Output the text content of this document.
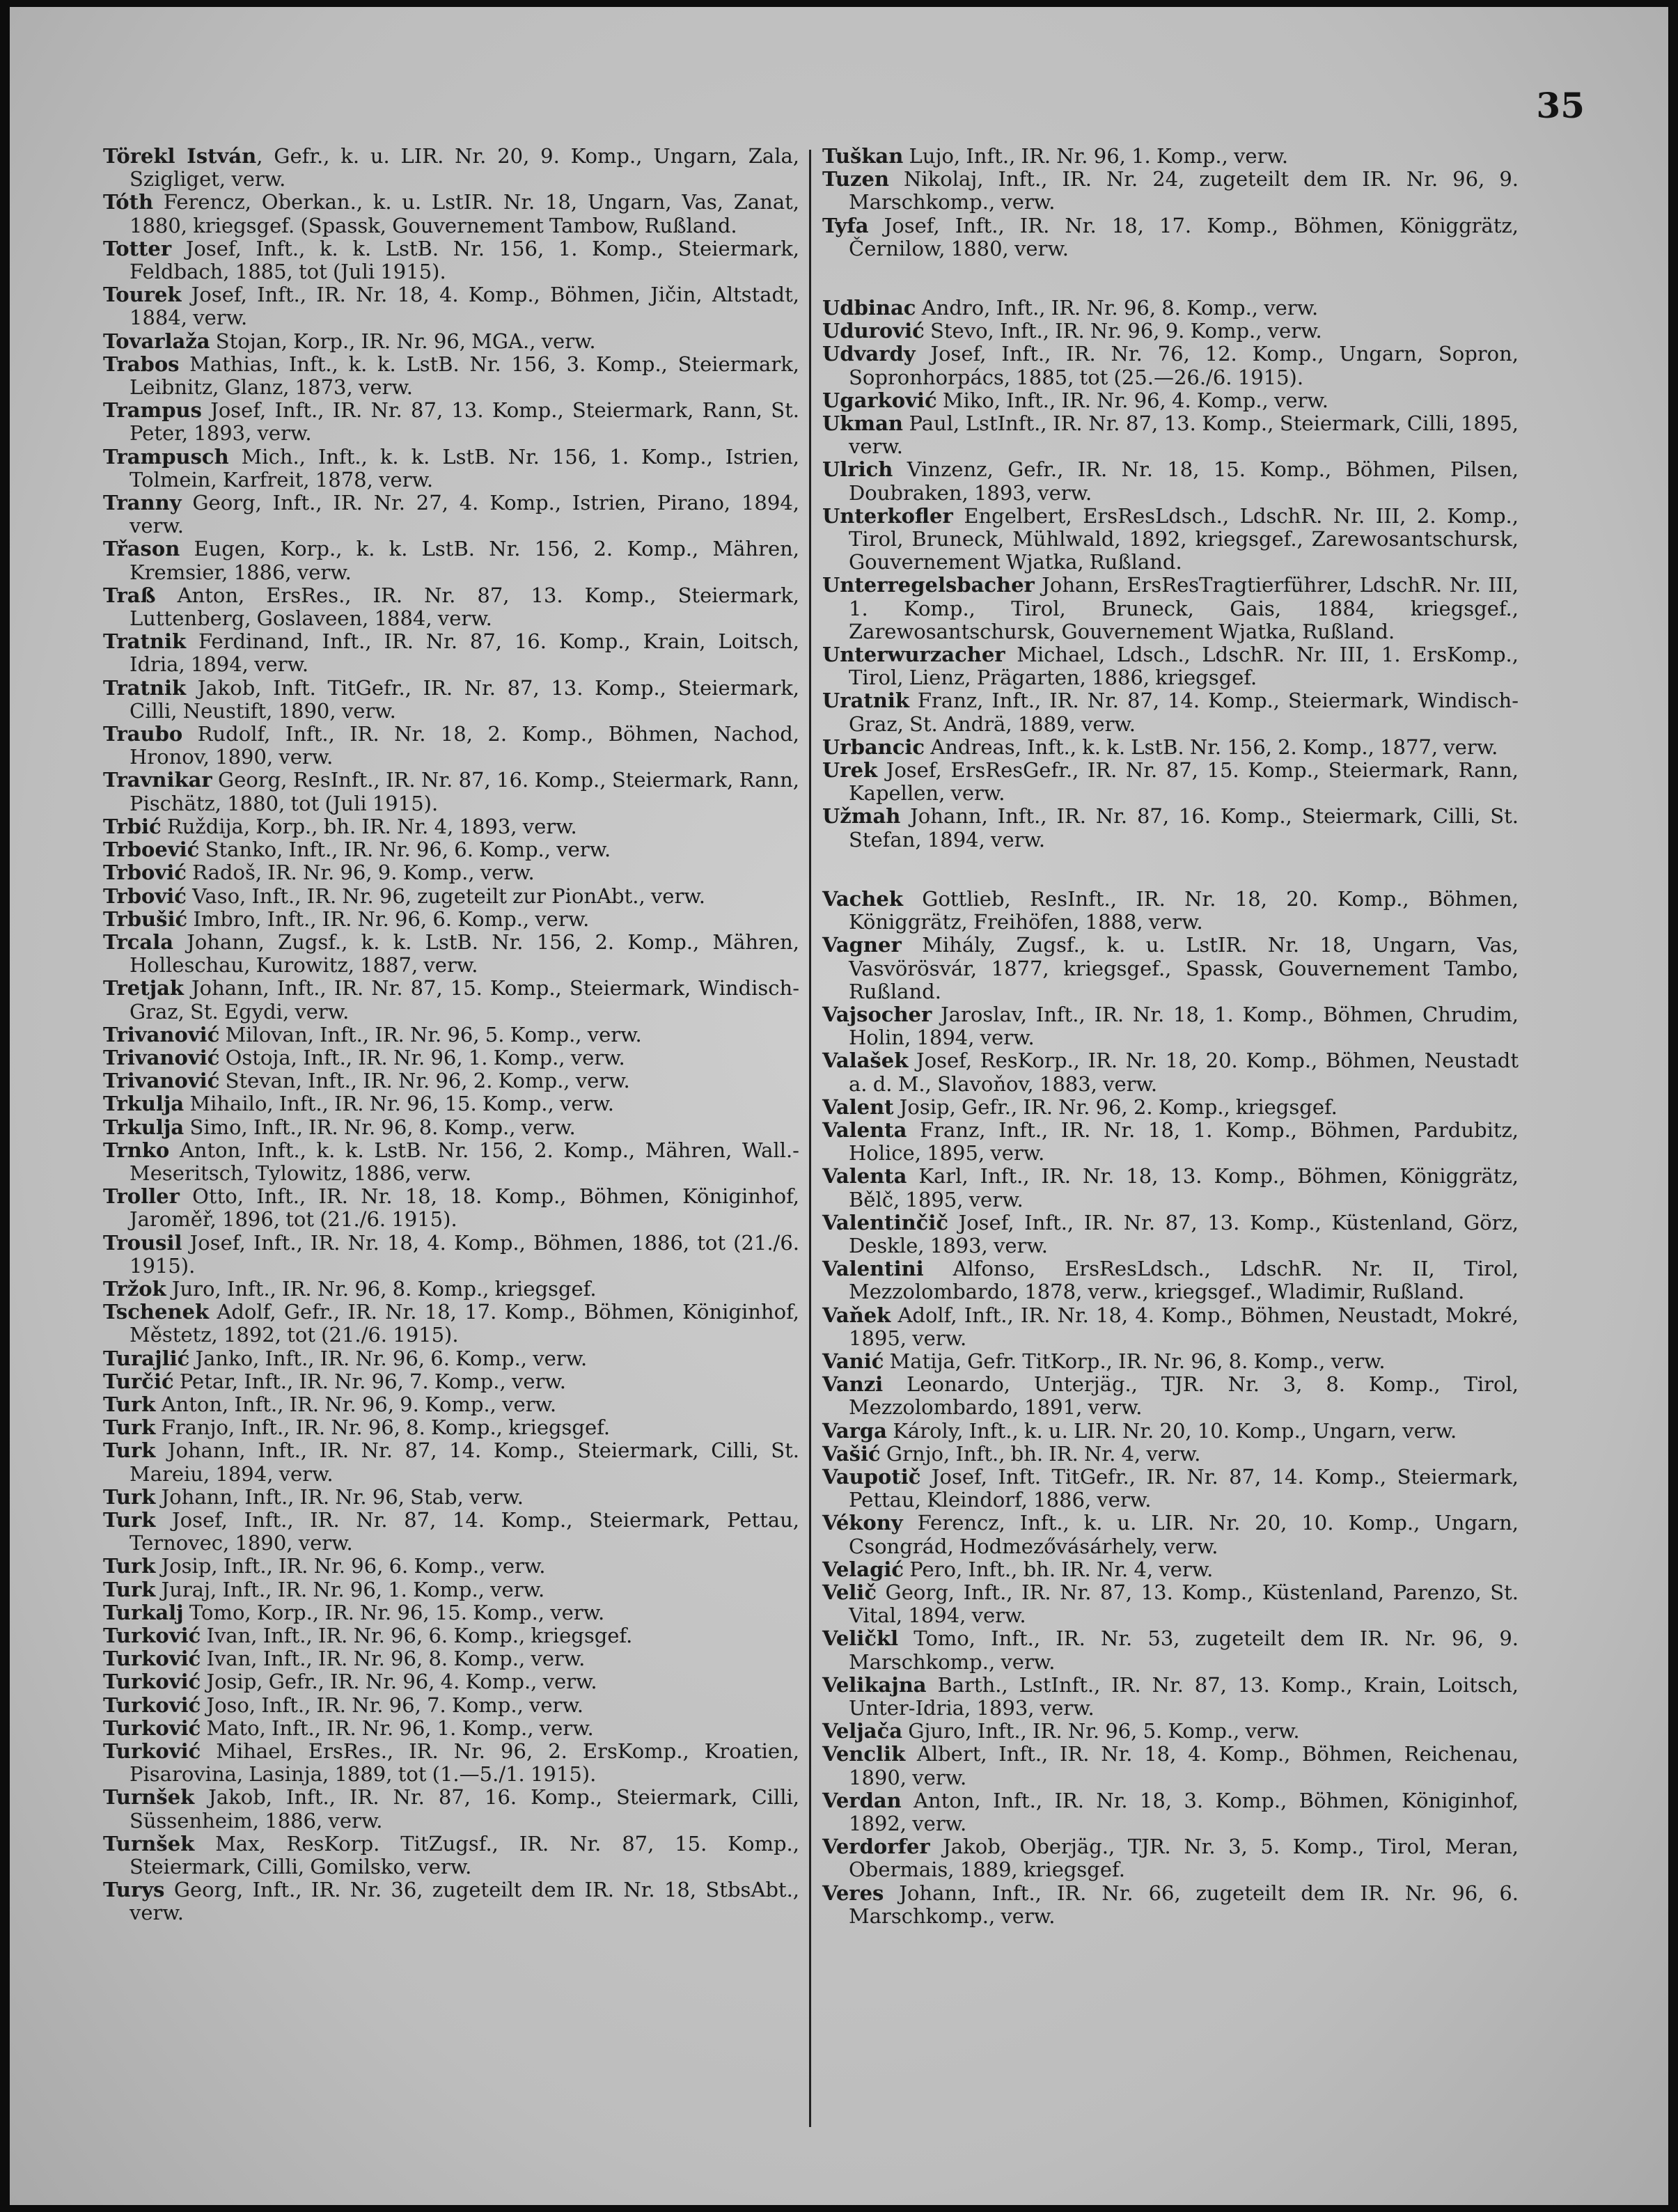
35

Törekl István, Gefr., k. u. LIR. Nr. 20, 9. Komp., Ungarn, Zala, Szigliget, verw.

Tóth Ferencz, Oberkan., k. u. LstIR. Nr. 18, Ungarn, Vas, Zanat, 1880, kriegsgef. (Spassk, Gouvernement Tambow, Rußland.

Totter Josef, Inft., k. k. LstB. Nr. 156, 1. Komp., Steiermark, Feldbach, 1885, tot (Juli 1915).

Tourek Josef, Inft., IR. Nr. 18, 4. Komp., Böhmen, Jičin, Altstadt, 1884, verw.

Tovarlaža Stojan, Korp., IR. Nr. 96, MGA., verw.

Trabos Mathias, Inft., k. k. LstB. Nr. 156, 3. Komp., Steiermark, Leibnitz, Glanz, 1873, verw.

Trampus Josef, Inft., IR. Nr. 87, 13. Komp., Steiermark, Rann, St. Peter, 1893, verw.

Trampusch Mich., Inft., k. k. LstB. Nr. 156, 1. Komp., Istrien, Tolmein, Karfreit, 1878, verw.

Tranny Georg, Inft., IR. Nr. 27, 4. Komp., Istrien, Pirano, 1894, verw.

Třason Eugen, Korp., k. k. LstB. Nr. 156, 2. Komp., Mähren, Kremsier, 1886, verw.

Traß Anton, ErsRes., IR. Nr. 87, 13. Komp., Steiermark, Luttenberg, Goslaveen, 1884, verw.

Tratnik Ferdinand, Inft., IR. Nr. 87, 16. Komp., Krain, Loitsch, Idria, 1894, verw.

Tratnik Jakob, Inft. TitGefr., IR. Nr. 87, 13. Komp., Steiermark, Cilli, Neustift, 1890, verw.

Traubo Rudolf, Inft., IR. Nr. 18, 2. Komp., Böhmen, Nachod, Hronov, 1890, verw.

Travnikar Georg, ResInft., IR. Nr. 87, 16. Komp., Steiermark, Rann, Pischätz, 1880, tot (Juli 1915).

Trbić Ruždija, Korp., bh. IR. Nr. 4, 1893, verw.

Trboević Stanko, Inft., IR. Nr. 96, 6. Komp., verw.

Trbović Radoš, IR. Nr. 96, 9. Komp., verw.

Trbović Vaso, Inft., IR. Nr. 96, zugeteilt zur PionAbt., verw.

Trbušić Imbro, Inft., IR. Nr. 96, 6. Komp., verw.

Trcala Johann, Zugsf., k. k. LstB. Nr. 156, 2. Komp., Mähren, Holleschau, Kurowitz, 1887, verw.

Tretjak Johann, Inft., IR. Nr. 87, 15. Komp., Steiermark, Windisch-Graz, St. Egydi, verw.

Trivanović Milovan, Inft., IR. Nr. 96, 5. Komp., verw.

Trivanović Ostoja, Inft., IR. Nr. 96, 1. Komp., verw.

Trivanović Stevan, Inft., IR. Nr. 96, 2. Komp., verw.

Trkulja Mihailo, Inft., IR. Nr. 96, 15. Komp., verw.

Trkulja Simo, Inft., IR. Nr. 96, 8. Komp., verw.

Trnko Anton, Inft., k. k. LstB. Nr. 156, 2. Komp., Mähren, Wall.-Meseritsch, Tylowitz, 1886, verw.

Troller Otto, Inft., IR. Nr. 18, 18. Komp., Böhmen, Königinhof, Jaroměř, 1896, tot (21./6. 1915).

Trousil Josef, Inft., IR. Nr. 18, 4. Komp., Böhmen, 1886, tot (21./6. 1915).

Tržok Juro, Inft., IR. Nr. 96, 8. Komp., kriegsgef.

Tschenek Adolf, Gefr., IR. Nr. 18, 17. Komp., Böhmen, Königinhof, Městetz, 1892, tot (21./6. 1915).

Turajlić Janko, Inft., IR. Nr. 96, 6. Komp., verw.

Turčić Petar, Inft., IR. Nr. 96, 7. Komp., verw.

Turk Anton, Inft., IR. Nr. 96, 9. Komp., verw.

Turk Franjo, Inft., IR. Nr. 96, 8. Komp., kriegsgef.

Turk Johann, Inft., IR. Nr. 87, 14. Komp., Steiermark, Cilli, St. Mareiu, 1894, verw.

Turk Johann, Inft., IR. Nr. 96, Stab, verw.

Turk Josef, Inft., IR. Nr. 87, 14. Komp., Steiermark, Pettau, Ternovec, 1890, verw.

Turk Josip, Inft., IR. Nr. 96, 6. Komp., verw.

Turk Juraj, Inft., IR. Nr. 96, 1. Komp., verw.

Turkalj Tomo, Korp., IR. Nr. 96, 15. Komp., verw.

Turković Ivan, Inft., IR. Nr. 96, 6. Komp., kriegsgef.

Turković Ivan, Inft., IR. Nr. 96, 8. Komp., verw.

Turković Josip, Gefr., IR. Nr. 96, 4. Komp., verw.

Turković Joso, Inft., IR. Nr. 96, 7. Komp., verw.

Turković Mato, Inft., IR. Nr. 96, 1. Komp., verw.

Turković Mihael, ErsRes., IR. Nr. 96, 2. ErsKomp., Kroatien, Pisarovina, Lasinja, 1889, tot (1.—5./1. 1915).

Turnšek Jakob, Inft., IR. Nr. 87, 16. Komp., Steiermark, Cilli, Süssenheim, 1886, verw.

Turnšek Max, ResKorp. TitZugsf., IR. Nr. 87, 15. Komp., Steiermark, Cilli, Gomilsko, verw.

Turys Georg, Inft., IR. Nr. 36, zugeteilt dem IR. Nr. 18, StbsAbt., verw.

Tuškan Lujo, Inft., IR. Nr. 96, 1. Komp., verw.

Tuzen Nikolaj, Inft., IR. Nr. 24, zugeteilt dem IR. Nr. 96, 9. Marschkomp., verw.

Tyfa Josef, Inft., IR. Nr. 18, 17. Komp., Böhmen, Königgrätz, Černilow, 1880, verw.

Udbinac Andro, Inft., IR. Nr. 96, 8. Komp., verw.

Udurović Stevo, Inft., IR. Nr. 96, 9. Komp., verw.

Udvardy Josef, Inft., IR. Nr. 76, 12. Komp., Ungarn, Sopron, Sopronhorpács, 1885, tot (25.—26./6. 1915).

Ugarković Miko, Inft., IR. Nr. 96, 4. Komp., verw.

Ukman Paul, LstInft., IR. Nr. 87, 13. Komp., Steiermark, Cilli, 1895, verw.

Ulrich Vinzenz, Gefr., IR. Nr. 18, 15. Komp., Böhmen, Pilsen, Doubraken, 1893, verw.

Unterkofler Engelbert, ErsResLdsch., LdschR. Nr. III, 2. Komp., Tirol, Bruneck, Mühlwald, 1892, kriegsgef., Zarewosantschursk, Gouvernement Wjatka, Rußland.

Unterregelsbacher Johann, ErsResTragtierführer, LdschR. Nr. III, 1. Komp., Tirol, Bruneck, Gais, 1884, kriegsgef., Zarewosantschursk, Gouvernement Wjatka, Rußland.

Unterwurzacher Michael, Ldsch., LdschR. Nr. III, 1. ErsKomp., Tirol, Lienz, Prägarten, 1886, kriegsgef.

Uratnik Franz, Inft., IR. Nr. 87, 14. Komp., Steiermark, Windisch-Graz, St. Andrä, 1889, verw.

Urbancic Andreas, Inft., k. k. LstB. Nr. 156, 2. Komp., 1877, verw.

Urek Josef, ErsResGefr., IR. Nr. 87, 15. Komp., Steiermark, Rann, Kapellen, verw.

Užmah Johann, Inft., IR. Nr. 87, 16. Komp., Steiermark, Cilli, St. Stefan, 1894, verw.

Vachek Gottlieb, ResInft., IR. Nr. 18, 20. Komp., Böhmen, Königgrätz, Freihöfen, 1888, verw.

Vagner Mihály, Zugsf., k. u. LstIR. Nr. 18, Ungarn, Vas, Vasvörösvár, 1877, kriegsgef., Spassk, Gouvernement Tambo, Rußland.

Vajsocher Jaroslav, Inft., IR. Nr. 18, 1. Komp., Böhmen, Chrudim, Holin, 1894, verw.

Valašek Josef, ResKorp., IR. Nr. 18, 20. Komp., Böhmen, Neustadt a. d. M., Slavoňov, 1883, verw.

Valent Josip, Gefr., IR. Nr. 96, 2. Komp., kriegsgef.

Valenta Franz, Inft., IR. Nr. 18, 1. Komp., Böhmen, Pardubitz, Holice, 1895, verw.

Valenta Karl, Inft., IR. Nr. 18, 13. Komp., Böhmen, Königgrätz, Bělč, 1895, verw.

Valentinčič Josef, Inft., IR. Nr. 87, 13. Komp., Küstenland, Görz, Deskle, 1893, verw.

Valentini Alfonso, ErsResLdsch., LdschR. Nr. II, Tirol, Mezzolombardo, 1878, verw., kriegsgef., Wladimir, Rußland.

Vaňek Adolf, Inft., IR. Nr. 18, 4. Komp., Böhmen, Neustadt, Mokré, 1895, verw.

Vanić Matija, Gefr. TitKorp., IR. Nr. 96, 8. Komp., verw.

Vanzi Leonardo, Unterjäg., TJR. Nr. 3, 8. Komp., Tirol, Mezzolombardo, 1891, verw.

Varga Károly, Inft., k. u. LIR. Nr. 20, 10. Komp., Ungarn, verw.

Vašić Grnjo, Inft., bh. IR. Nr. 4, verw.

Vaupotič Josef, Inft. TitGefr., IR. Nr. 87, 14. Komp., Steiermark, Pettau, Kleindorf, 1886, verw.

Vékony Ferencz, Inft., k. u. LIR. Nr. 20, 10. Komp., Ungarn, Csongrád, Hodmezővásárhely, verw.

Velagić Pero, Inft., bh. IR. Nr. 4, verw.

Velič Georg, Inft., IR. Nr. 87, 13. Komp., Küstenland, Parenzo, St. Vital, 1894, verw.

Veličkl Tomo, Inft., IR. Nr. 53, zugeteilt dem IR. Nr. 96, 9. Marschkomp., verw.

Velikajna Barth., LstInft., IR. Nr. 87, 13. Komp., Krain, Loitsch, Unter-Idria, 1893, verw.

Veljača Gjuro, Inft., IR. Nr. 96, 5. Komp., verw.

Venclik Albert, Inft., IR. Nr. 18, 4. Komp., Böhmen, Reichenau, 1890, verw.

Verdan Anton, Inft., IR. Nr. 18, 3. Komp., Böhmen, Königinhof, 1892, verw.

Verdorfer Jakob, Oberjäg., TJR. Nr. 3, 5. Komp., Tirol, Meran, Obermais, 1889, kriegsgef.

Veres Johann, Inft., IR. Nr. 66, zugeteilt dem IR. Nr. 96, 6. Marschkomp., verw.
